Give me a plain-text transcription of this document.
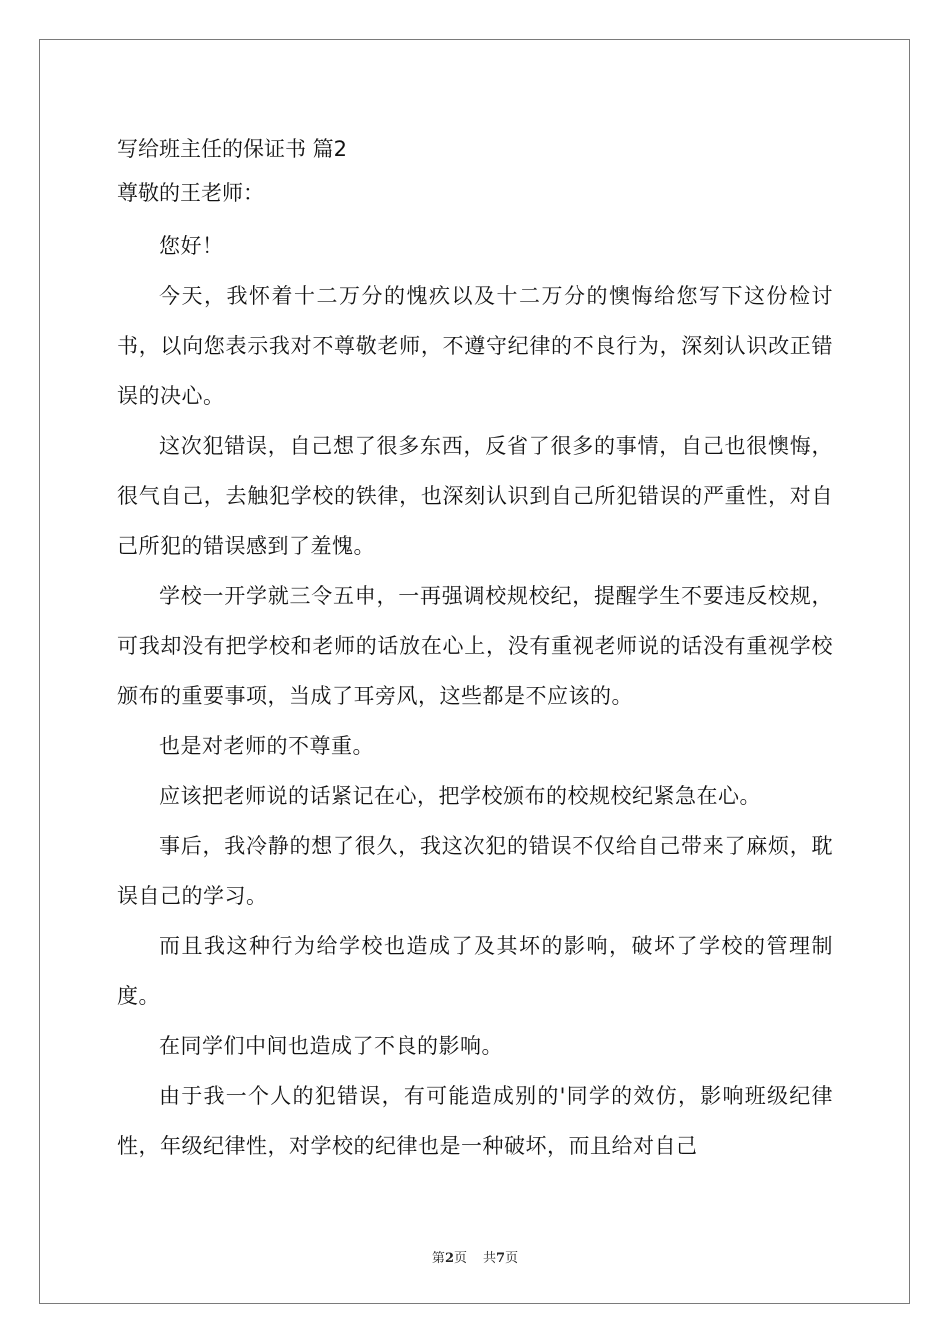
写给班主任的保证书 篇2

尊敬的王老师：

您好！

今天，我怀着十二万分的愧疚以及十二万分的懊悔给您写下这份检讨书，以向您表示我对不尊敬老师，不遵守纪律的不良行为，深刻认识改正错误的决心。

这次犯错误，自己想了很多东西，反省了很多的事情，自己也很懊悔，很气自己，去触犯学校的铁律，也深刻认识到自己所犯错误的严重性，对自己所犯的错误感到了羞愧。

学校一开学就三令五申，一再强调校规校纪，提醒学生不要违反校规，可我却没有把学校和老师的话放在心上，没有重视老师说的话没有重视学校颁布的重要事项，当成了耳旁风，这些都是不应该的。

也是对老师的不尊重。

应该把老师说的话紧记在心，把学校颁布的校规校纪紧急在心。

事后，我冷静的想了很久，我这次犯的错误不仅给自己带来了麻烦，耽误自己的学习。

而且我这种行为给学校也造成了及其坏的影响，破坏了学校的管理制度。

在同学们中间也造成了不良的影响。

由于我一个人的犯错误，有可能造成别的'同学的效仿，影响班级纪律性，年级纪律性，对学校的纪律也是一种破坏，而且给对自己

第2页 共7页
